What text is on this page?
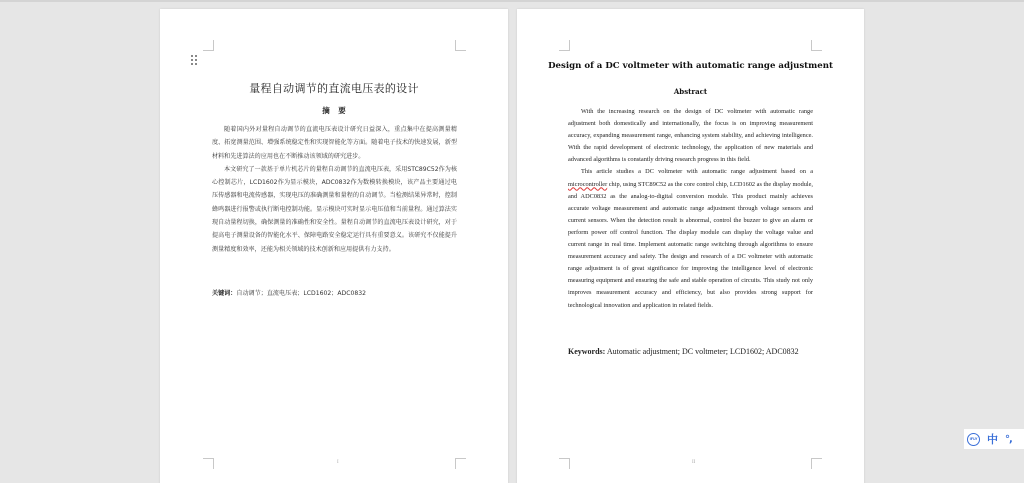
量程自动调节的直流电压表的设计
摘 要

随着国内外对量程自动调节的直流电压表设计研究日益深入，重点集中在提高测量精度、拓宽测量范围、增强系统稳定性和实现智能化等方面。随着电子技术的快速发展，新型材料和先进算法的应用也在不断推动该领域的研究进步。

本文研究了一款基于单片机芯片的量程自动调节的直流电压表，采用STC89C52作为核心控制芯片，LCD1602作为显示模块，ADC0832作为数模转换模块，该产品主要通过电压传感器和电流传感器，实现电压的准确测量和量程的自动调节。当检测结果异常时，控制蜂鸣器进行报警或执行断电控制功能。显示模块可实时显示电压值和当前量程。通过算法实现自动量程切换，确保测量的准确性和安全性。量程自动调节的直流电压表设计研究，对于提高电子测量设备的智能化水平、保障电路安全稳定运行具有重要意义。该研究不仅能提升测量精度和效率，还能为相关领域的技术创新和应用提供有力支持。

关键词：自动调节；直流电压表；LCD1602；ADC0832
I
Design of a DC voltmeter with automatic range adjustment
Abstract

With the increasing research on the design of DC voltmeter with automatic range adjustment both domestically and internationally, the focus is on improving measurement accuracy, expanding measurement range, enhancing system stability, and achieving intelligence. With the rapid development of electronic technology, the application of new materials and advanced algorithms is constantly driving research progress in this field.

This article studies a DC voltmeter with automatic range adjustment based on a microcontroller chip, using STC89C52 as the core control chip, LCD1602 as the display module, and ADC0832 as the analog-to-digital conversion module. This product mainly achieves accurate voltage measurement and automatic range adjustment through voltage sensors and current sensors. When the detection result is abnormal, control the buzzer to give an alarm or perform power off control function. The display module can display the voltage value and current range in real time. Implement automatic range switching through algorithms to ensure measurement accuracy and safety. The design and research of a DC voltmeter with automatic range adjustment is of great significance for improving the intelligence level of electronic measuring equipment and ensuring the safe and stable operation of circuits. This study not only improves measurement accuracy and efficiency, but also provides strong support for technological innovation and application in related fields.

Keywords: Automatic adjustment; DC voltmeter; LCD1602; ADC0832
II
iFLY 中 °,
